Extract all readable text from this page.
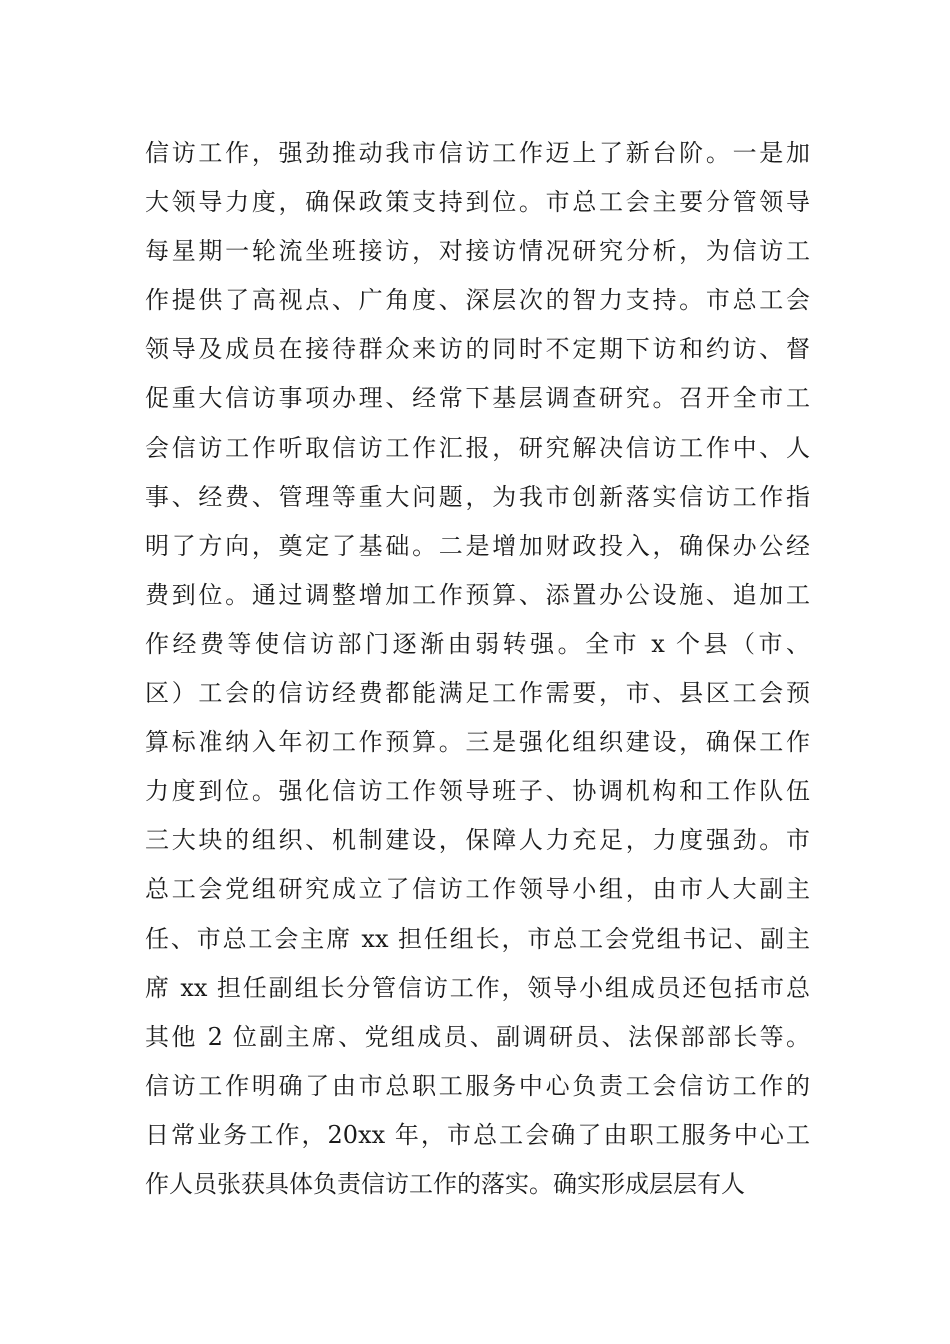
信访工作，强劲推动我市信访工作迈上了新台阶。一是加
大领导力度，确保政策支持到位。市总工会主要分管领导
每星期一轮流坐班接访，对接访情况研究分析，为信访工
作提供了高视点、广角度、深层次的智力支持。市总工会
领导及成员在接待群众来访的同时不定期下访和约访、督
促重大信访事项办理、经常下基层调查研究。召开全市工
会信访工作听取信访工作汇报，研究解决信访工作中、人
事、经费、管理等重大问题，为我市创新落实信访工作指
明了方向，奠定了基础。二是增加财政投入，确保办公经
费到位。通过调整增加工作预算、添置办公设施、追加工
作经费等使信访部门逐渐由弱转强。全市 x 个县（市、
区）工会的信访经费都能满足工作需要，市、县区工会预
算标准纳入年初工作预算。三是强化组织建设，确保工作
力度到位。强化信访工作领导班子、协调机构和工作队伍
三大块的组织、机制建设，保障人力充足，力度强劲。市
总工会党组研究成立了信访工作领导小组，由市人大副主
任、市总工会主席 xx 担任组长，市总工会党组书记、副主
席 xx 担任副组长分管信访工作，领导小组成员还包括市总
其他 2 位副主席、党组成员、副调研员、法保部部长等。
信访工作明确了由市总职工服务中心负责工会信访工作的
日常业务工作，20xx 年，市总工会确了由职工服务中心工
作人员张获具体负责信访工作的落实。确实形成层层有人
